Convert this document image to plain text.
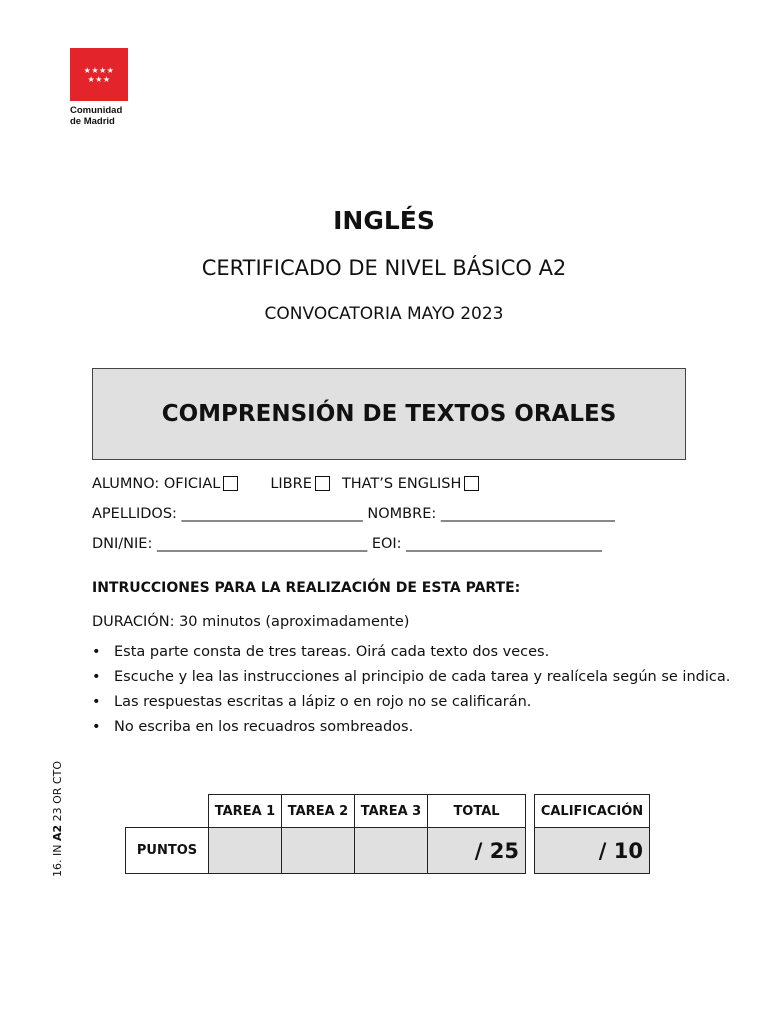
★★★★
★★★
Comunidad
de Madrid
INGLÉS
CERTIFICADO DE NIVEL BÁSICO A2
CONVOCATORIA MAYO 2023
COMPRENSIÓN DE TEXTOS ORALES
ALUMNO: OFICIAL	LIBRE THAT’S ENGLISH
APELLIDOS: _________________________ NOMBRE: ________________________
DNI/NIE: _____________________________ EOI: ___________________________
INTRUCCIONES PARA LA REALIZACIÓN DE ESTA PARTE:
DURACIÓN: 30 minutos (aproximadamente)
• Esta parte consta de tres tareas. Oirá cada texto dos veces.
• Escuche y lea las instrucciones al principio de cada tarea y realícela según se indica.
• Las respuestas escritas a lápiz o en rojo no se calificarán.
• No escriba en los recuadros sombreados.
16. IN A2 23 OR CTO
		TAREA 1	TAREA 2	TAREA 3	TOTAL
PUNTOS				/ 25
CALIFICACIÓN
/ 10
